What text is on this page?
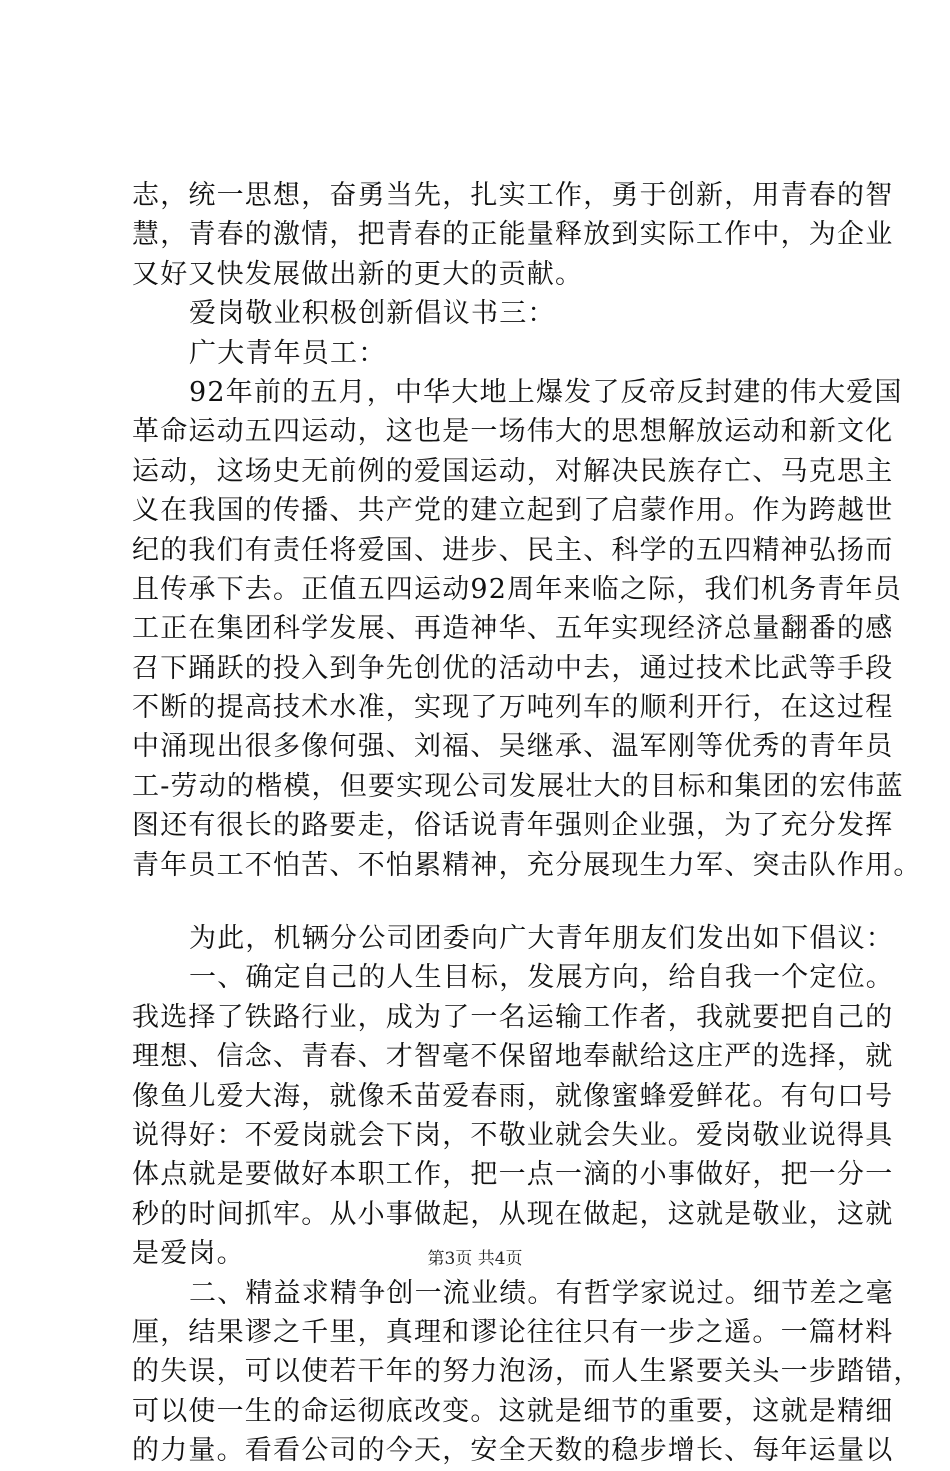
志，统一思想，奋勇当先，扎实工作，勇于创新，用青春的智
慧，青春的激情，把青春的正能量释放到实际工作中，为企业
又好又快发展做出新的更大的贡献。
爱岗敬业积极创新倡议书三：
广大青年员工：
92年前的五月，中华大地上爆发了反帝反封建的伟大爱国
革命运动五四运动，这也是一场伟大的思想解放运动和新文化
运动，这场史无前例的爱国运动，对解决民族存亡、马克思主
义在我国的传播、共产党的建立起到了启蒙作用。作为跨越世
纪的我们有责任将爱国、进步、民主、科学的五四精神弘扬而
且传承下去。正值五四运动92周年来临之际，我们机务青年员
工正在集团科学发展、再造神华、五年实现经济总量翻番的感
召下踊跃的投入到争先创优的活动中去，通过技术比武等手段
不断的提高技术水准，实现了万吨列车的顺利开行，在这过程
中涌现出很多像何强、刘福、吴继承、温军刚等优秀的青年员
工-劳动的楷模，但要实现公司发展壮大的目标和集团的宏伟蓝
图还有很长的路要走，俗话说青年强则企业强，为了充分发挥
青年员工不怕苦、不怕累精神，充分展现生力军、突击队作用。
为此，机辆分公司团委向广大青年朋友们发出如下倡议：
一、确定自己的人生目标，发展方向，给自我一个定位。
我选择了铁路行业，成为了一名运输工作者，我就要把自己的
理想、信念、青春、才智毫不保留地奉献给这庄严的选择，就
像鱼儿爱大海，就像禾苗爱春雨，就像蜜蜂爱鲜花。有句口号
说得好：不爱岗就会下岗，不敬业就会失业。爱岗敬业说得具
体点就是要做好本职工作，把一点一滴的小事做好，把一分一
秒的时间抓牢。从小事做起，从现在做起，这就是敬业，这就
是爱岗。
二、精益求精争创一流业绩。有哲学家说过。细节差之毫
厘，结果谬之千里，真理和谬论往往只有一步之遥。一篇材料
的失误，可以使若干年的努力泡汤，而人生紧要关头一步踏错，
可以使一生的命运彻底改变。这就是细节的重要，这就是精细
的力量。看看公司的今天，安全天数的稳步增长、每年运量以
第3页 共4页
